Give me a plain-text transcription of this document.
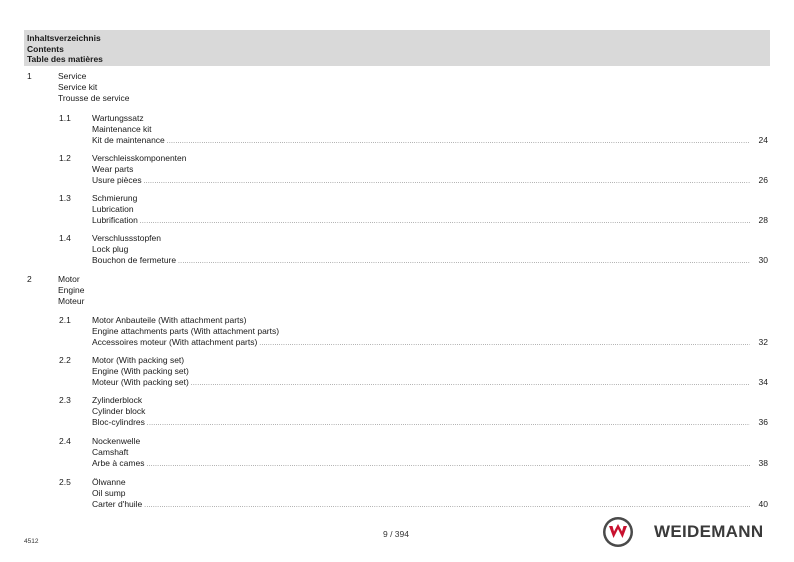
Inhaltsverzeichnis
Contents
Table des matières
1	Service
Service kit
Trousse de service
1.1 Wartungssatz
Maintenance kit
Kit de maintenance .....	24
1.2 Verschleisskomponenten
Wear parts
Usure pièces .....	26
1.3 Schmierung
Lubrication
Lubrification .....	28
1.4 Verschlussstopfen
Lock plug
Bouchon de fermeture .....	30
2	Motor
Engine
Moteur
2.1 Motor Anbauteile (With attachment parts)
Engine attachments parts (With attachment parts)
Accessoires moteur (With attachment parts) .....	32
2.2 Motor (With packing set)
Engine (With packing set)
Moteur (With packing set) .....	34
2.3 Zylinderblock
Cylinder block
Bloc-cylindres .....	36
2.4 Nockenwelle
Camshaft
Arbe à cames .....	38
2.5 Ölwanne
Oil sump
Carter d'huile .....	40
4512
9 / 394	WEIDEMANN
